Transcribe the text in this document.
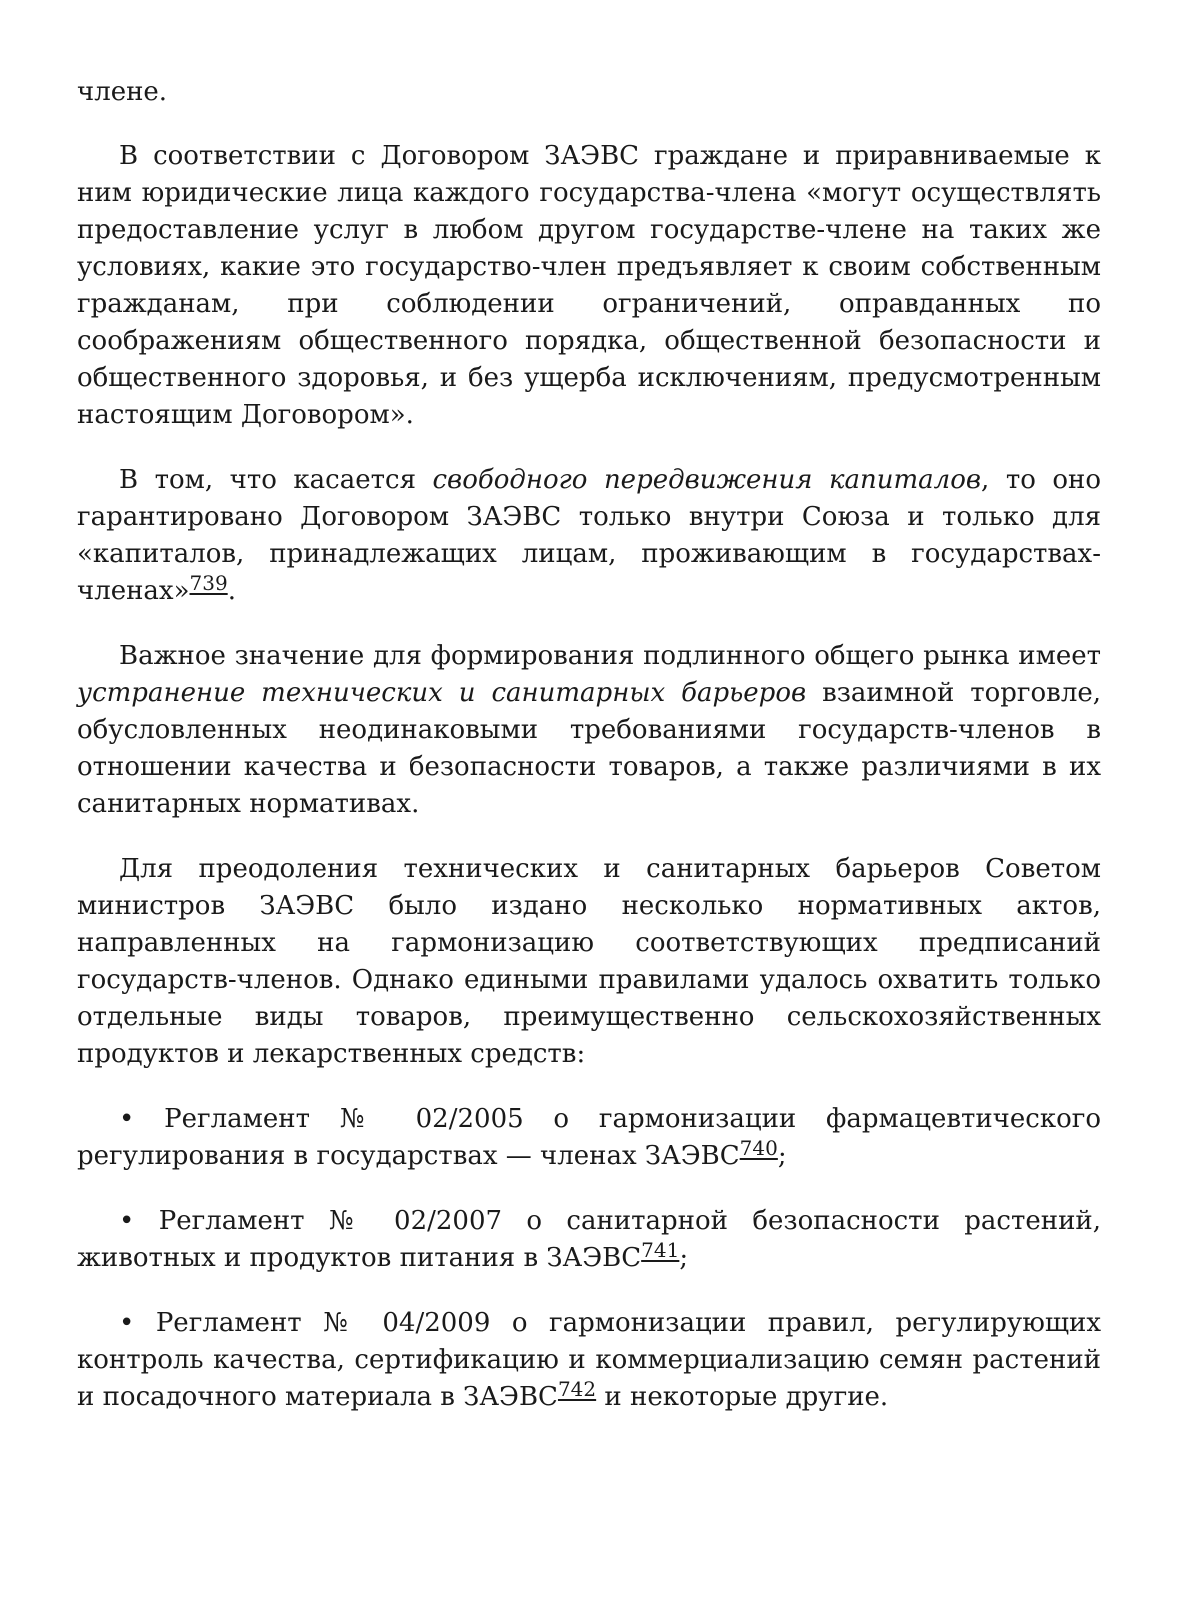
члене.

В соответствии с Договором ЗАЭВС граждане и приравниваемые к ним юридические лица каждого государства-члена «могут осуществлять предоставление услуг в любом другом государстве-члене на таких же условиях, какие это государство-член предъявляет к своим собственным гражданам, при соблюдении ограничений, оправданных по соображениям общественного порядка, общественной безопасности и общественного здоровья, и без ущерба исключениям, предусмотренным настоящим Договором».

В том, что касается свободного передвижения капиталов, то оно гарантировано Договором ЗАЭВС только внутри Союза и только для «капиталов, принадлежащих лицам, проживающим в государствах-членах»$^{739}$.

Важное значение для формирования подлинного общего рынка имеет устранение технических и санитарных барьеров взаимной торговле, обусловленных неодинаковыми требованиями государств-членов в отношении качества и безопасности товаров, а также различиями в их санитарных нормативах.

Для преодоления технических и санитарных барьеров Советом министров ЗАЭВС было издано несколько нормативных актов, направленных на гармонизацию соответствующих предписаний государств-членов. Однако едиными правилами удалось охватить только отдельные виды товаров, преимущественно сельскохозяйственных продуктов и лекарственных средств:

• Регламент № 02/2005 о гармонизации фармацевтического регулирования в государствах — членах ЗАЭВС$^{740}$;

• Регламент № 02/2007 о санитарной безопасности растений, животных и продуктов питания в ЗАЭВС$^{741}$;

• Регламент № 04/2009 о гармонизации правил, регулирующих контроль качества, сертификацию и коммерциализацию семян растений и посадочного материала в ЗАЭВС$^{742}$ и некоторые другие.
